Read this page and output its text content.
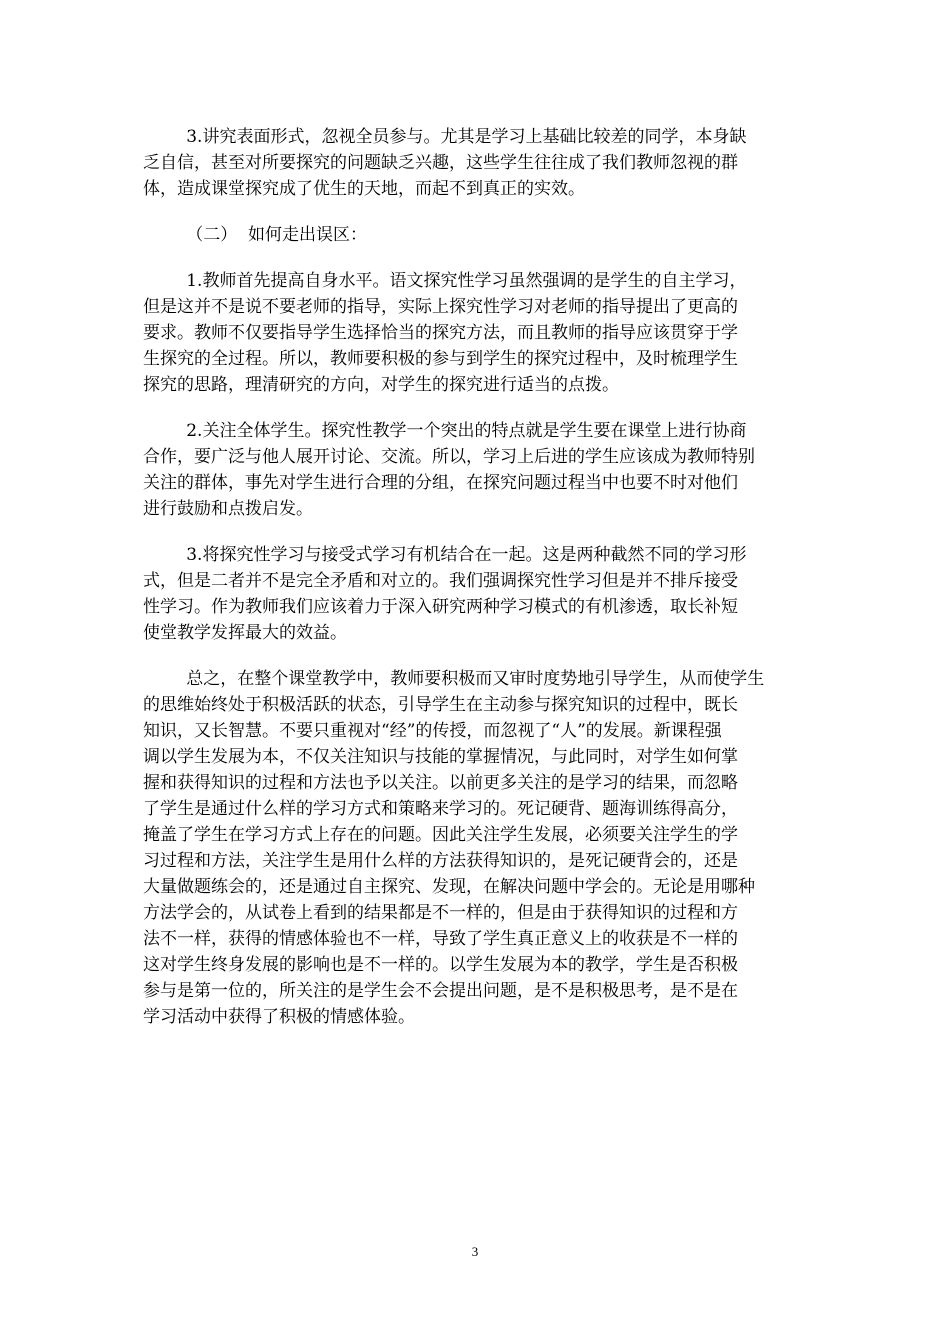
3.讲究表面形式，忽视全员参与。尤其是学习上基础比较差的同学，本身缺
乏自信，甚至对所要探究的问题缺乏兴趣，这些学生往往成了我们教师忽视的群
体，造成课堂探究成了优生的天地，而起不到真正的实效。

（二）  如何走出误区：

1.教师首先提高自身水平。语文探究性学习虽然强调的是学生的自主学习，
但是这并不是说不要老师的指导，实际上探究性学习对老师的指导提出了更高的
要求。教师不仅要指导学生选择恰当的探究方法，而且教师的指导应该贯穿于学
生探究的全过程。所以，教师要积极的参与到学生的探究过程中，及时梳理学生
探究的思路，理清研究的方向，对学生的探究进行适当的点拨。

2.关注全体学生。探究性教学一个突出的特点就是学生要在课堂上进行协商
合作，要广泛与他人展开讨论、交流。所以，学习上后进的学生应该成为教师特别
关注的群体，事先对学生进行合理的分组，在探究问题过程当中也要不时对他们
进行鼓励和点拨启发。

3.将探究性学习与接受式学习有机结合在一起。这是两种截然不同的学习形
式，但是二者并不是完全矛盾和对立的。我们强调探究性学习但是并不排斥接受
性学习。作为教师我们应该着力于深入研究两种学习模式的有机渗透，取长补短
使堂教学发挥最大的效益。

总之，在整个课堂教学中，教师要积极而又审时度势地引导学生，从而使学生
的思维始终处于积极活跃的状态，引导学生在主动参与探究知识的过程中，既长
知识，又长智慧。不要只重视对“经”的传授，而忽视了“人”的发展。新课程强
调以学生发展为本，不仅关注知识与技能的掌握情况，与此同时，对学生如何掌
握和获得知识的过程和方法也予以关注。以前更多关注的是学习的结果，而忽略
了学生是通过什么样的学习方式和策略来学习的。死记硬背、题海训练得高分，
掩盖了学生在学习方式上存在的问题。因此关注学生发展，必须要关注学生的学
习过程和方法，关注学生是用什么样的方法获得知识的，是死记硬背会的，还是
大量做题练会的，还是通过自主探究、发现，在解决问题中学会的。无论是用哪种
方法学会的，从试卷上看到的结果都是不一样的，但是由于获得知识的过程和方
法不一样，获得的情感体验也不一样，导致了学生真正意义上的收获是不一样的
这对学生终身发展的影响也是不一样的。以学生发展为本的教学，学生是否积极
参与是第一位的，所关注的是学生会不会提出问题，是不是积极思考，是不是在
学习活动中获得了积极的情感体验。

3
